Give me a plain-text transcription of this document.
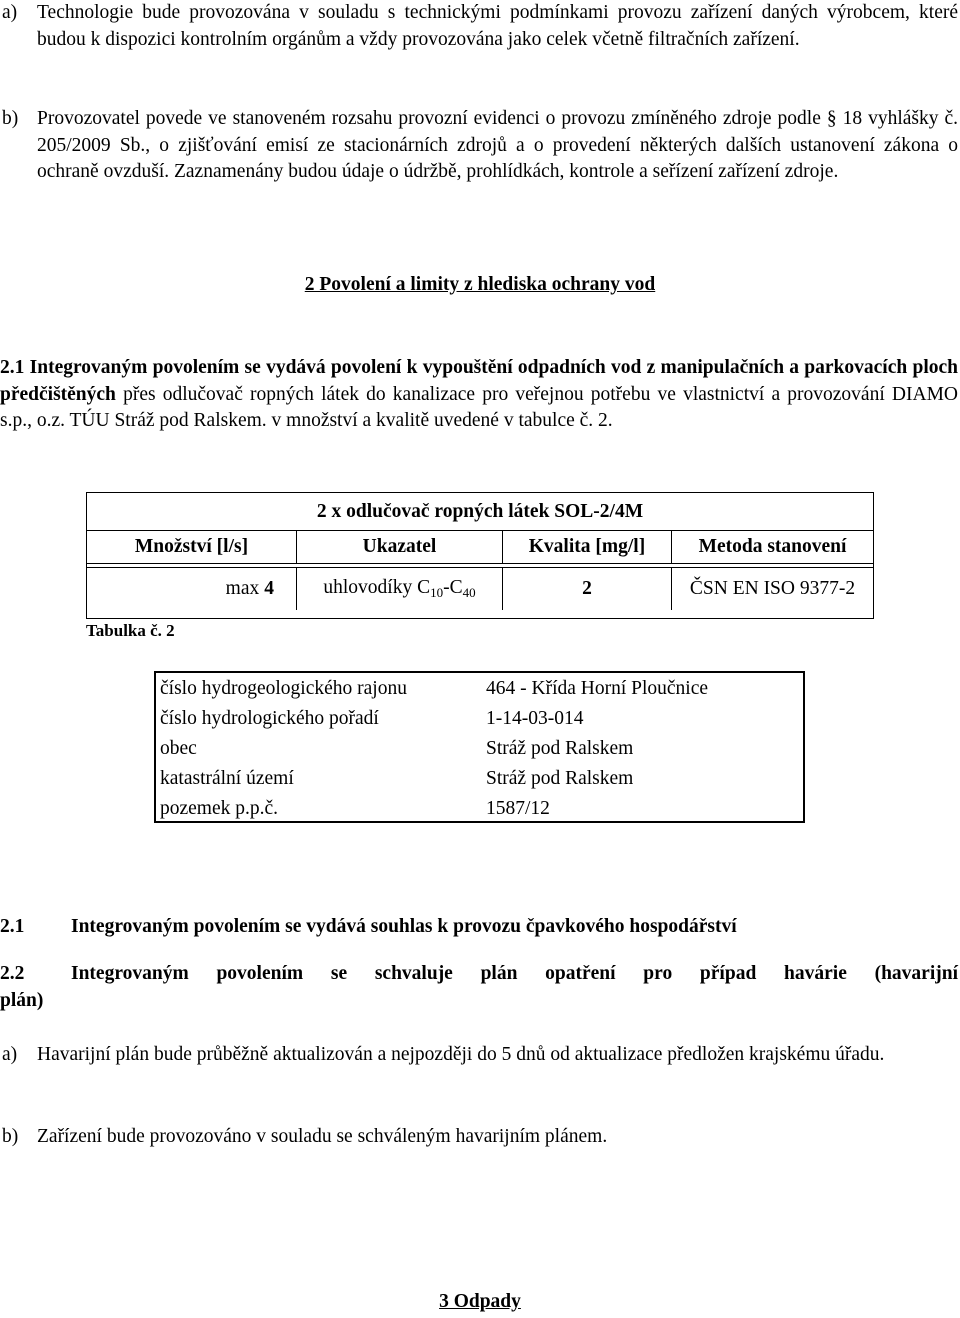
a) Technologie bude provozována v souladu s technickými podmínkami provozu zařízení daných výrobcem, které budou k dispozici kontrolním orgánům a vždy provozována jako celek včetně filtračních zařízení.
b) Provozovatel povede ve stanoveném rozsahu provozní evidenci o provozu zmíněného zdroje podle § 18 vyhlášky č. 205/2009 Sb., o zjišťování emisí ze stacionárních zdrojů a o provedení některých dalších ustanovení zákona o ochraně ovzduší. Zaznamenány budou údaje o údržbě, prohlídkách, kontrole a seřízení zařízení zdroje.
2 Povolení a limity z hlediska ochrany vod
2.1 Integrovaným povolením se vydává povolení k vypouštění odpadních vod z manipulačních a parkovacích ploch předčištěných přes odlučovač ropných látek do kanalizace pro veřejnou potřebu ve vlastnictví a provozování DIAMO s.p., o.z. TÚU Stráž pod Ralskem. v množství a kvalitě uvedené v tabulce č. 2.
2 x odlučovač ropných látek SOL-2/4M
Množství [l/s]	Ukazatel	Kvalita [mg/l]	Metoda stanovení
max 4	uhlovodíky $C_{10}-C_{40}$	2	ČSN EN ISO 9377-2
Tabulka č. 2
číslo hydrogeologického rajonu	464 - Křída Horní Ploučnice
číslo hydrologického pořadí	1-14-03-014
obec	Stráž pod Ralskem
katastrální území	Stráž pod Ralskem
pozemek p.p.č.	1587/12
2.1 Integrovaným povolením se vydává souhlas k provozu čpavkového hospodářství
2.2 Integrovaným povolením se schvaluje plán opatření pro případ havárie (havarijní
plán)
a) Havarijní plán bude průběžně aktualizován a nejpozději do 5 dnů od aktualizace předložen krajskému úřadu.
b) Zařízení bude provozováno v souladu se schváleným havarijním plánem.
3 Odpady
